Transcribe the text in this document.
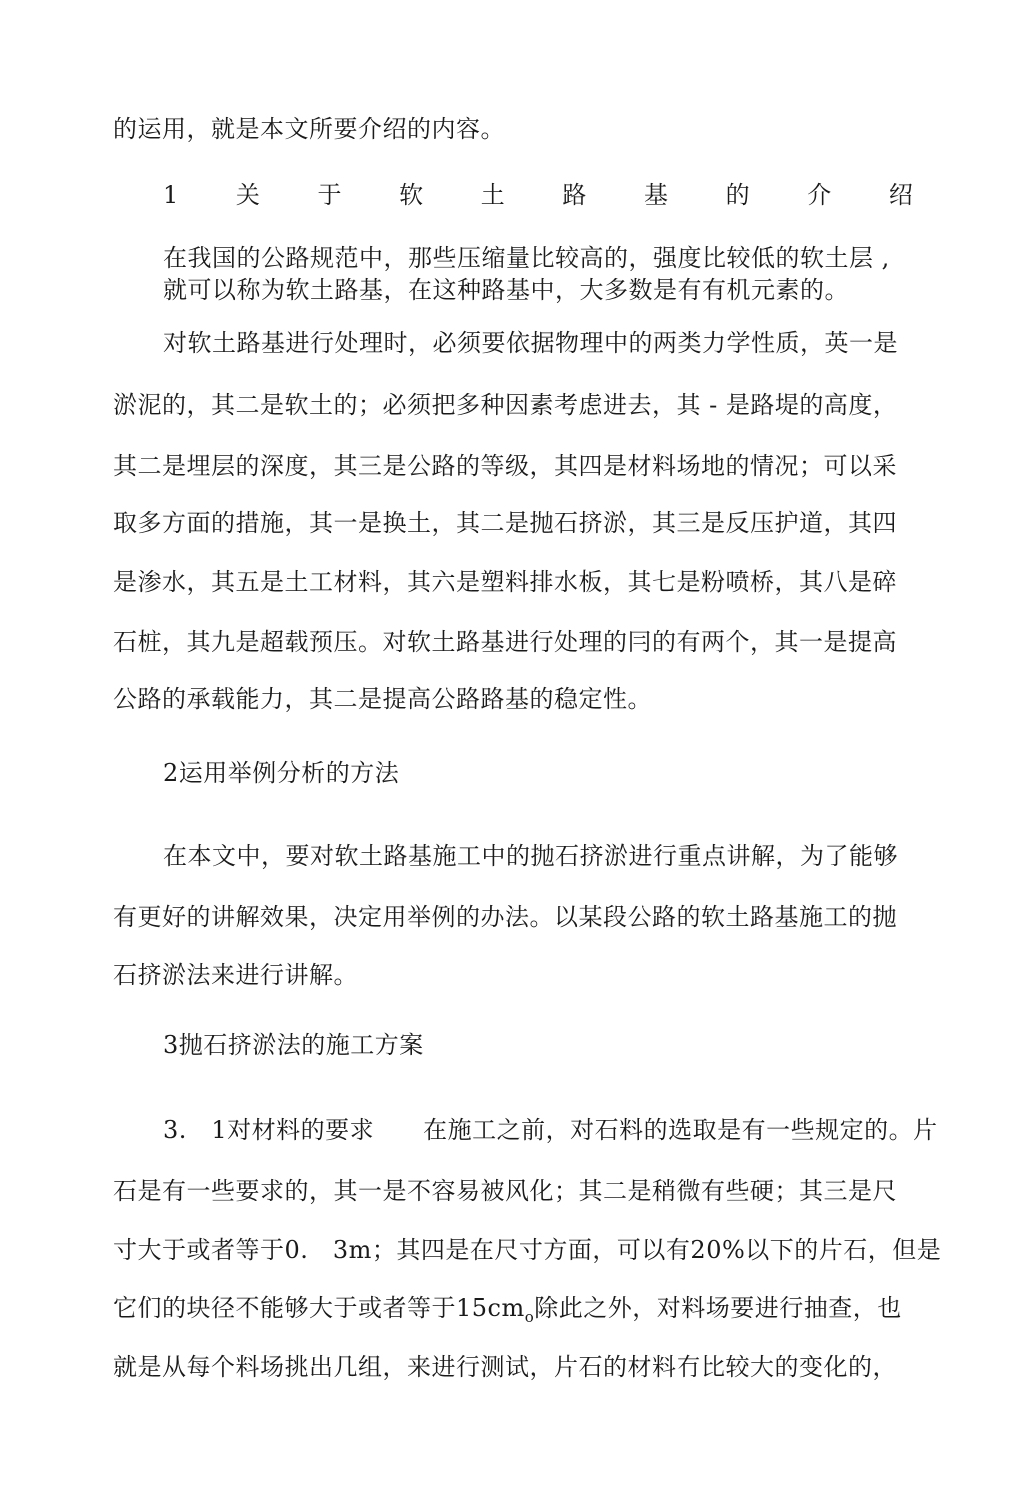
的运用，就是本文所要介绍的内容。
1 关 于 软 土 路 基 的 介 绍
在我国的公路规范中，那些压缩量比较高的，强度比较低的软土层 ,
就可以称为软土路基，在这种路基中，大多数是有有机元素的。
对软土路基进行处理时，必须要依据物理中的两类力学性质，英一是
淤泥的，其二是软土的；必须把多种因素考虑进去，其 - 是路堤的高度，
其二是埋层的深度，其三是公路的等级，其四是材料场地的情况；可以采
取多方面的措施，其一是换土，其二是抛石挤淤，其三是反压护道，其四
是渗水，其五是土工材料，其六是塑料排水板，其七是粉喷桥，其八是碎
石桩，其九是超载预压。对软土路基进行处理的冃的有两个，其一是提高
公路的承载能力，其二是提高公路路基的稳定性。
2运用举例分析的方法
在本文中，要对软土路基施工中的抛石挤淤进行重点讲解，为了能够
有更好的讲解效果，决定用举例的办法。以某段公路的软土路基施工的抛
石挤淤法来进行讲解。
3抛石挤淤法的施工方案
3.　1对材料的要求　　在施工之前，对石料的选取是有一些规定的。片
石是有一些要求的，其一是不容易被风化；其二是稍微有些硬；其三是尺
寸大于或者等于0.　3m；其四是在尺寸方面，可以有20%以下的片石，但是
它们的块径不能够大于或者等于$15cm_o$除此之外，对料场要进行抽查，也
就是从每个料场挑出几组，来进行测试，片石的材料冇比较大的变化的，
